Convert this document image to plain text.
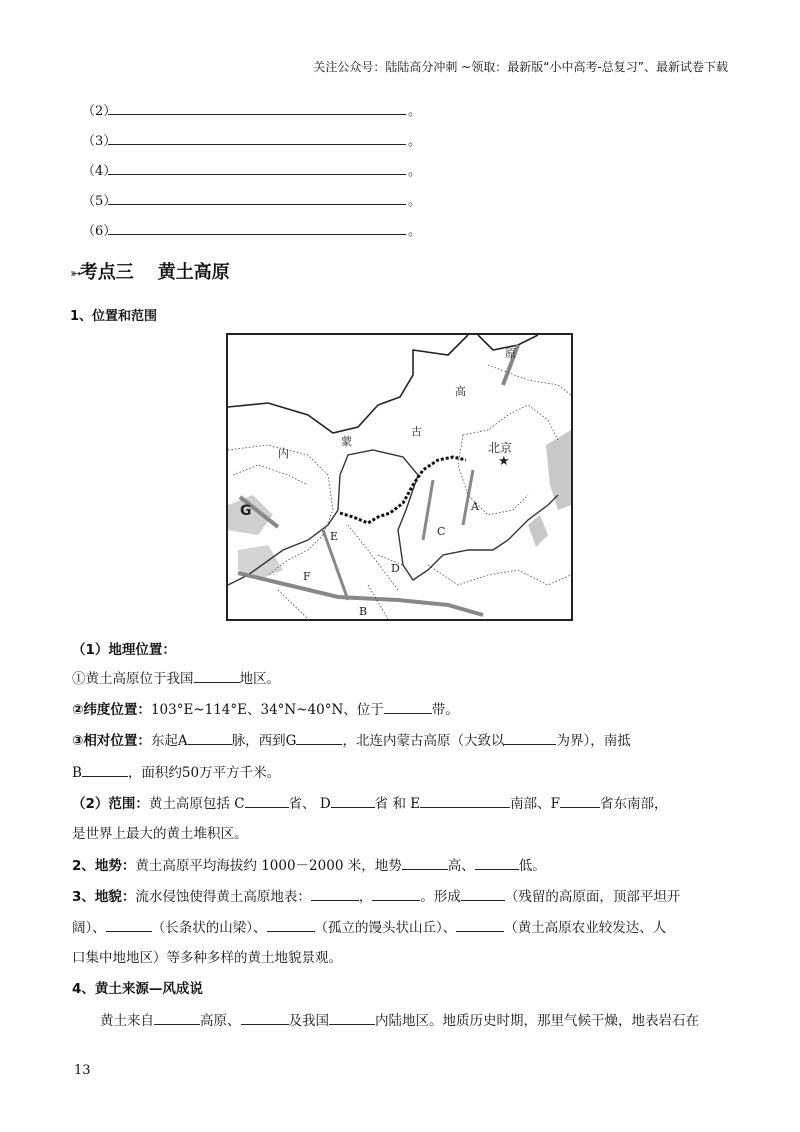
关注公众号：陆陆高分冲刺 ~领取：最新版“小中高考-总复习”、最新试卷下载
（2）	。
（3）	。
（4）	。
（5）	。
（6）	。
➳考点三 黄土高原
1、位置和范围
原
高
内
蒙
古
北京
★
A
B
C
D
E
F
G
（1）地理位置：
①黄土高原位于我国	地区。
②纬度位置：103°E~114°E、34°N~40°N、位于	带。
③相对位置：东起A	脉，西到G	，北连内蒙古高原（大致以	为界），南抵
B	，面积约50万平方千米。
（2）范围：黄土高原包括 C	省、 D	省 和 E	南部、F	省东南部，
是世界上最大的黄土堆积区。
2、地势：黄土高原平均海拔约 1000－2000 米，地势	高、	低。
3、地貌：流水侵蚀使得黄土高原地表：	，	。形成	（残留的高原面，顶部平坦开
阔）、	（长条状的山梁）、	（孤立的馒头状山丘）、	（黄土高原农业较发达、人
口集中地地区）等多种多样的黄土地貌景观。
4、黄土来源—风成说
黄土来自	高原、	及我国	内陆地区。地质历史时期，那里气候干燥，地表岩石在
13
